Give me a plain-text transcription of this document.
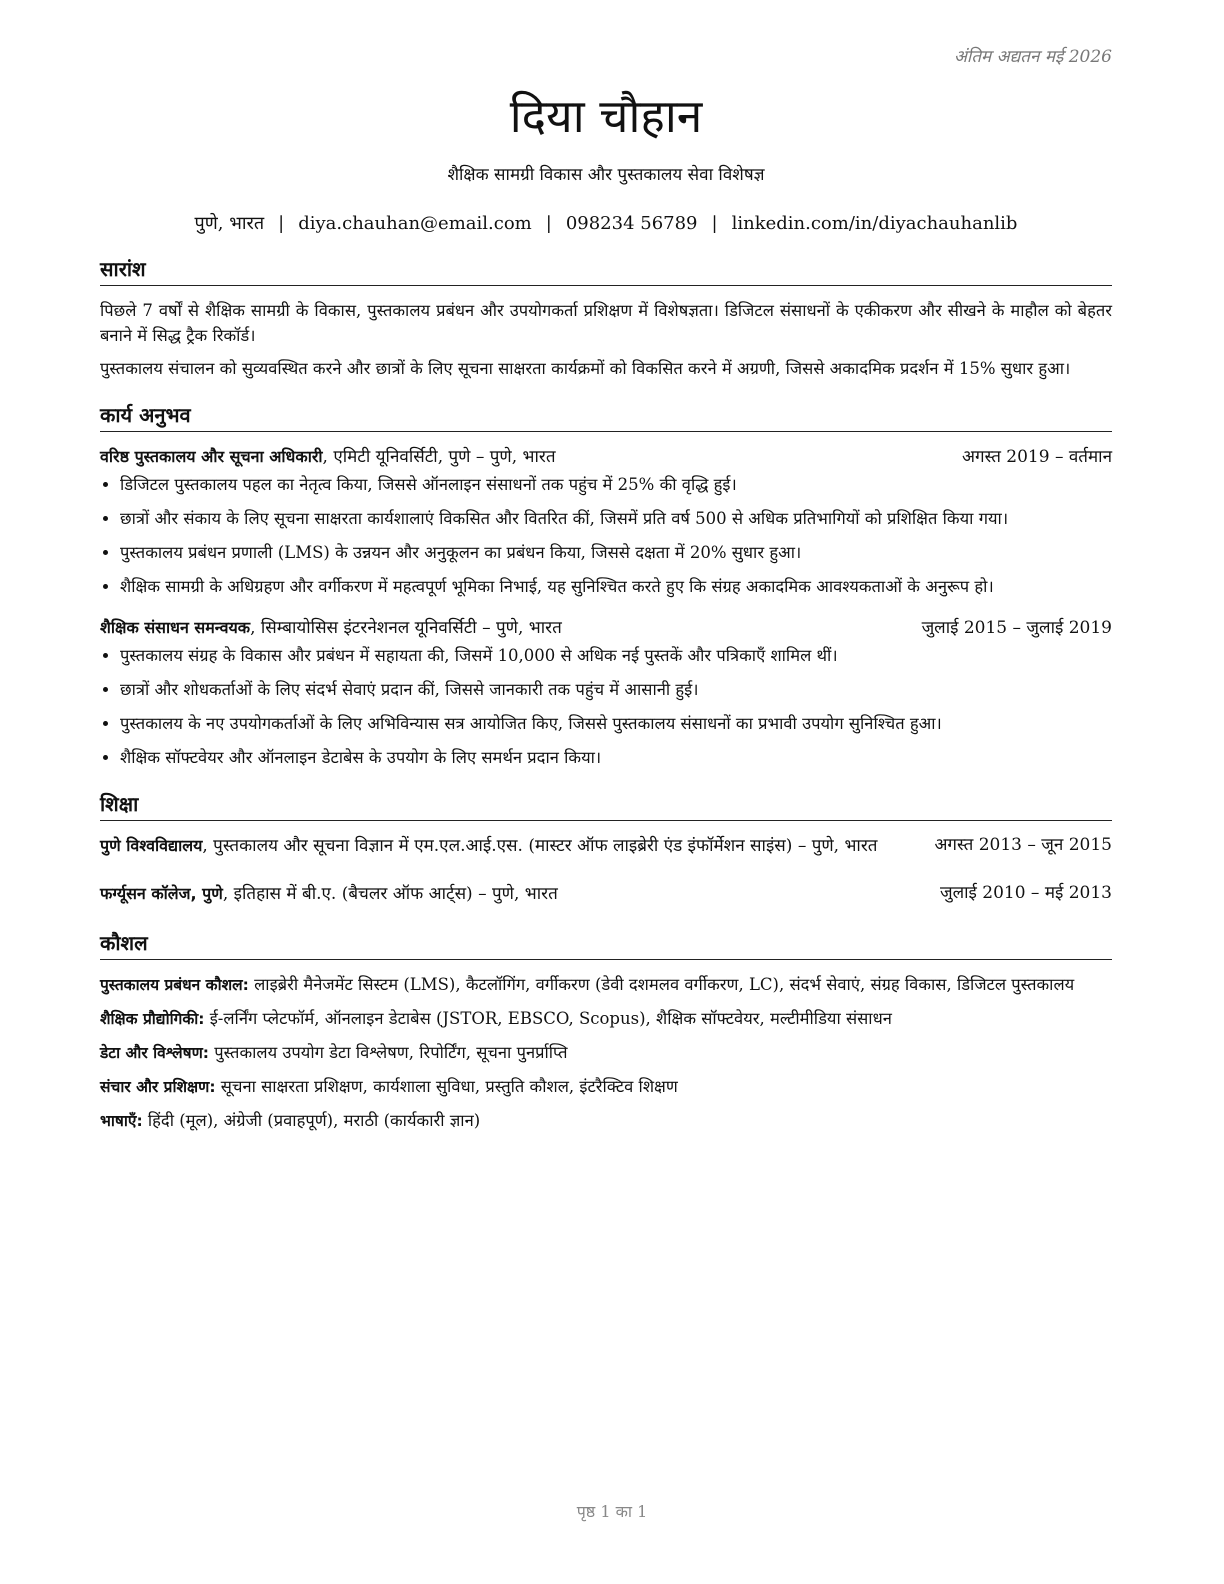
अंतिम अद्यतन मई 2026
दिया चौहान
शैक्षिक सामग्री विकास और पुस्तकालय सेवा विशेषज्ञ
पुणे, भारत | diya.chauhan@email.com | 098234 56789 | linkedin.com/in/diyachauhanlib
सारांश

पिछले 7 वर्षों से शैक्षिक सामग्री के विकास, पुस्तकालय प्रबंधन और उपयोगकर्ता प्रशिक्षण में विशेषज्ञता। डिजिटल संसाधनों के एकीकरण और सीखने के माहौल को बेहतर बनाने में सिद्ध ट्रैक रिकॉर्ड।

पुस्तकालय संचालन को सुव्यवस्थित करने और छात्रों के लिए सूचना साक्षरता कार्यक्रमों को विकसित करने में अग्रणी, जिससे अकादमिक प्रदर्शन में 15% सुधार हुआ।

कार्य अनुभव
वरिष्ठ पुस्तकालय और सूचना अधिकारी, एमिटी यूनिवर्सिटी, पुणे – पुणे, भारत	अगस्त 2019 – वर्तमान
• डिजिटल पुस्तकालय पहल का नेतृत्व किया, जिससे ऑनलाइन संसाधनों तक पहुंच में 25% की वृद्धि हुई।
• छात्रों और संकाय के लिए सूचना साक्षरता कार्यशालाएं विकसित और वितरित कीं, जिसमें प्रति वर्ष 500 से अधिक प्रतिभागियों को प्रशिक्षित किया गया।
• पुस्तकालय प्रबंधन प्रणाली (LMS) के उन्नयन और अनुकूलन का प्रबंधन किया, जिससे दक्षता में 20% सुधार हुआ।
• शैक्षिक सामग्री के अधिग्रहण और वर्गीकरण में महत्वपूर्ण भूमिका निभाई, यह सुनिश्चित करते हुए कि संग्रह अकादमिक आवश्यकताओं के अनुरूप हो।
शैक्षिक संसाधन समन्वयक, सिम्बायोसिस इंटरनेशनल यूनिवर्सिटी – पुणे, भारत	जुलाई 2015 – जुलाई 2019
• पुस्तकालय संग्रह के विकास और प्रबंधन में सहायता की, जिसमें 10,000 से अधिक नई पुस्तकें और पत्रिकाएँ शामिल थीं।
• छात्रों और शोधकर्ताओं के लिए संदर्भ सेवाएं प्रदान कीं, जिससे जानकारी तक पहुंच में आसानी हुई।
• पुस्तकालय के नए उपयोगकर्ताओं के लिए अभिविन्यास सत्र आयोजित किए, जिससे पुस्तकालय संसाधनों का प्रभावी उपयोग सुनिश्चित हुआ।
• शैक्षिक सॉफ्टवेयर और ऑनलाइन डेटाबेस के उपयोग के लिए समर्थन प्रदान किया।
शिक्षा
पुणे विश्वविद्यालय, पुस्तकालय और सूचना विज्ञान में एम.एल.आई.एस. (मास्टर ऑफ लाइब्रेरी एंड इंफॉर्मेशन साइंस) – पुणे, भारत	अगस्त 2013 – जून 2015
फर्ग्यूसन कॉलेज, पुणे, इतिहास में बी.ए. (बैचलर ऑफ आर्ट्स) – पुणे, भारत	जुलाई 2010 – मई 2013
कौशल
पुस्तकालय प्रबंधन कौशल: लाइब्रेरी मैनेजमेंट सिस्टम (LMS), कैटलॉगिंग, वर्गीकरण (डेवी दशमलव वर्गीकरण, LC), संदर्भ सेवाएं, संग्रह विकास, डिजिटल पुस्तकालय
शैक्षिक प्रौद्योगिकी: ई-लर्निंग प्लेटफॉर्म, ऑनलाइन डेटाबेस (JSTOR, EBSCO, Scopus), शैक्षिक सॉफ्टवेयर, मल्टीमीडिया संसाधन
डेटा और विश्लेषण: पुस्तकालय उपयोग डेटा विश्लेषण, रिपोर्टिंग, सूचना पुनर्प्राप्ति
संचार और प्रशिक्षण: सूचना साक्षरता प्रशिक्षण, कार्यशाला सुविधा, प्रस्तुति कौशल, इंटरैक्टिव शिक्षण
भाषाएँ: हिंदी (मूल), अंग्रेजी (प्रवाहपूर्ण), मराठी (कार्यकारी ज्ञान)
पृष्ठ 1 का 1
